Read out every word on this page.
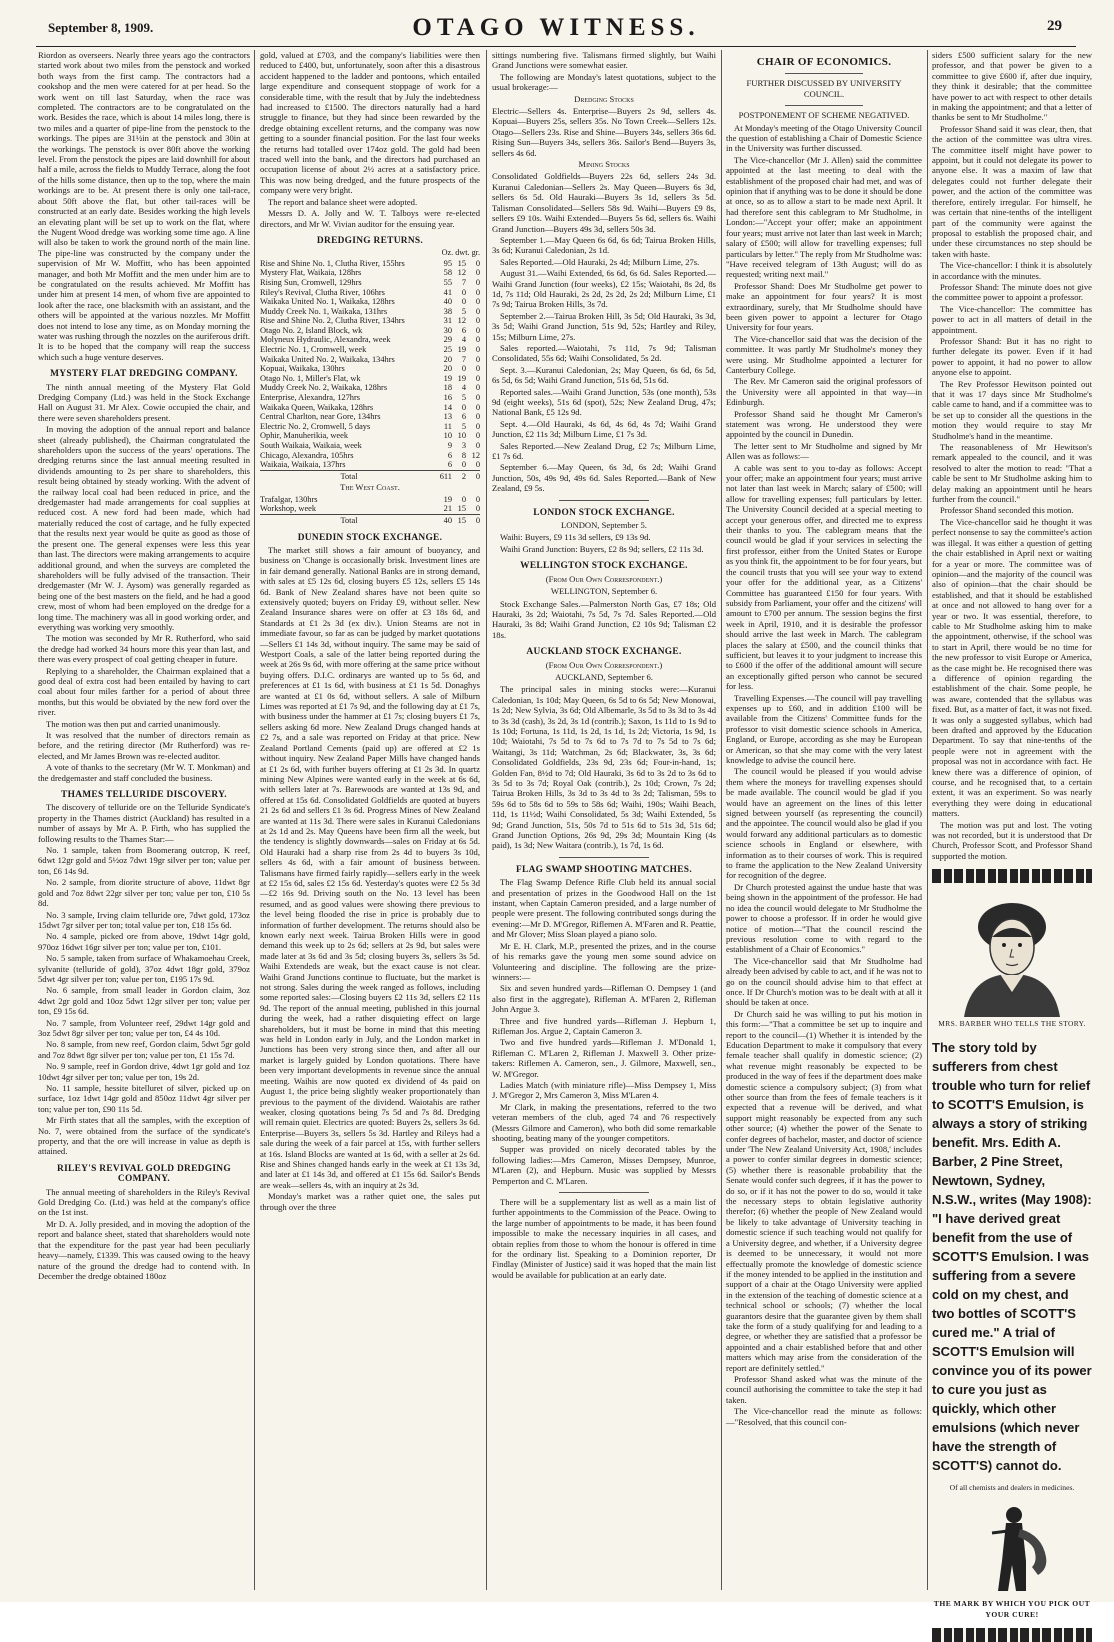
September 8, 1909.	OTAGO WITNESS.	29

Riordon as overseers. Nearly three years ago the contractors started work about two miles from the penstock and worked both ways from the first camp. The contractors had a cookshop and the men were catered for at per head. So the work went on till last Saturday, when the race was completed. The contractors are to be congratulated on the work. Besides the race, which is about 14 miles long, there is two miles and a quarter of pipe-line from the penstock to the workings. The pipes are 31½in at the penstock and 30in at the workings. The penstock is over 80ft above the working level. From the penstock the pipes are laid downhill for about half a mile, across the fields to Muddy Terrace, along the foot of the hills some distance, then up to the top, where the main workings are to be. At present there is only one tail-race, about 50ft above the flat, but other tail-races will be constructed at an early date. Besides working the high levels an elevating plant will be set up to work on the flat, where the Nugent Wood dredge was working some time ago. A line will also be taken to work the ground north of the main line. The pipe-line was constructed by the company under the supervision of Mr W. Moffitt, who has been appointed manager, and both Mr Moffitt and the men under him are to be congratulated on the results achieved. Mr Moffitt has under him at present 14 men, of whom five are appointed to look after the race, one blacksmith with an assistant, and the others will be appointed at the various nozzles. Mr Moffitt does not intend to lose any time, as on Monday morning the water was rushing through the nozzles on the auriferous drift. It is to be hoped that the company will reap the success which such a huge venture deserves.

MYSTERY FLAT DREDGING COMPANY.

The ninth annual meeting of the Mystery Flat Gold Dredging Company (Ltd.) was held in the Stock Exchange Hall on August 31. Mr Alex. Cowie occupied the chair, and there were seven shareholders present.

In moving the adoption of the annual report and balance sheet (already published), the Chairman congratulated the shareholders upon the success of the years' operations. The dredging returns since the last annual meeting resulted in dividends amounting to 2s per share to shareholders, this result being obtained by steady working. With the advent of the railway local coal had been reduced in price, and the dredgemaster had made arrangements for coal supplies at reduced cost. A new ford had been made, which had materially reduced the cost of cartage, and he fully expected that the results next year would be quite as good as those of the present one. The general expenses were less this year than last. The directors were making arrangements to acquire additional ground, and when the surveys are completed the shareholders will be fully advised of the transaction. Their dredgemaster (Mr W. J. Aysom) was generally regarded as being one of the best masters on the field, and he had a good crew, most of whom had been employed on the dredge for a long time. The machinery was all in good working order, and everything was working very smoothly.

The motion was seconded by Mr R. Rutherford, who said the dredge had worked 34 hours more this year than last, and there was every prospect of coal getting cheaper in future.

Replying to a shareholder, the Chairman explained that a good deal of extra cost had been entailed by having to cart coal about four miles farther for a period of about three months, but this would be obviated by the new ford over the river.

The motion was then put and carried unanimously.

It was resolved that the number of directors remain as before, and the retiring director (Mr Rutherford) was re-elected, and Mr James Brown was re-elected auditor.

A vote of thanks to the secretary (Mr W. T. Monkman) and the dredgemaster and staff concluded the business.

THAMES TELLURIDE DISCOVERY.

The discovery of telluride ore on the Telluride Syndicate's property in the Thames district (Auckland) has resulted in a number of assays by Mr A. P. Firth, who has supplied the following results to the Thames Star:—

No. 1 sample, taken from Boomerang outcrop, K reef, 6dwt 12gr gold and 5½oz 7dwt 19gr silver per ton; value per ton, £6 14s 9d.

No. 2 sample, from diorite structure of above, 11dwt 8gr gold and 7oz 8dwt 22gr silver per ton; value per ton, £10 5s 8d.

No. 3 sample, Irving claim telluride ore, 7dwt gold, 173oz 15dwt 7gr silver per ton; total value per ton, £18 15s 6d.

No. 4 sample, picked ore from above, 19dwt 14gr gold, 970oz 16dwt 16gr silver per ton; value per ton, £101.

No. 5 sample, taken from surface of Whakamoehau Creek, sylvanite (telluride of gold), 37oz 4dwt 18gr gold, 379oz 5dwt 4gr silver per ton; value per ton, £195 17s 9d.

No. 6 sample, from small leader in Gordon claim, 3oz 4dwt 2gr gold and 10oz 5dwt 12gr silver per ton; value per ton, £9 15s 6d.

No. 7 sample, from Volunteer reef, 29dwt 14gr gold and 3oz 5dwt 8gr silver per ton; value per ton, £4 4s 10d.

No. 8 sample, from new reef, Gordon claim, 5dwt 5gr gold and 7oz 8dwt 8gr silver per ton; value per ton, £1 15s 7d.

No. 9 sample, reef in Gordon drive, 4dwt 1gr gold and 1oz 10dwt 4gr silver per ton; value per ton, 19s 2d.

No. 11 sample, hessite bitelluret of silver, picked up on surface, 1oz 1dwt 14gr gold and 850oz 11dwt 4gr silver per ton; value per ton, £90 11s 5d.

Mr Firth states that all the samples, with the exception of No. 7, were obtained from the surface of the syndicate's property, and that the ore will increase in value as depth is attained.

RILEY'S REVIVAL GOLD DREDGING COMPANY.

The annual meeting of shareholders in the Riley's Revival Gold Dredging Co. (Ltd.) was held at the company's office on the 1st inst.

Mr D. A. Jolly presided, and in moving the adoption of the report and balance sheet, stated that shareholders would note that the expenditure for the past year had been peculiarly heavy—namely, £1339. This was caused owing to the heavy nature of the ground the dredge had to contend with. In December the dredge obtained 180oz

gold, valued at £703, and the company's liabilities were then reduced to £400, but, unfortunately, soon after this a disastrous accident happened to the ladder and pontoons, which entailed large expenditure and consequent stoppage of work for a considerable time, with the result that by July the indebtedness had increased to £1500. The directors naturally had a hard struggle to finance, but they had since been rewarded by the dredge obtaining excellent returns, and the company was now getting to a sounder financial position. For the last four weeks the returns had totalled over 174oz gold. The gold had been traced well into the bank, and the directors had purchased an occupation license of about 2½ acres at a satisfactory price. This was now being dredged, and the future prospects of the company were very bright.

The report and balance sheet were adopted.

Messrs D. A. Jolly and W. T. Talboys were re-elected directors, and Mr W. Vivian auditor for the ensuing year.

DREDGING RETURNS.
Oz. dwt. gr.
Rise and Shine No. 1, Clutha River, 155hrs	95	15	0
Mystery Flat, Waikaia, 128hrs	58	12	0
Rising Sun, Cromwell, 129hrs	55	7	0
Riley's Revival, Clutha River, 106hrs	41	0	0
Waikaka United No. 1, Waikaka, 128hrs	40	0	0
Muddy Creek No. 1, Waikaka, 131hrs	38	5	0
Rise and Shine No. 2, Clutha River, 134hrs	31	12	0
Otago No. 2, Island Block, wk	30	6	0
Molyneux Hydraulic, Alexandra, week	29	4	0
Electric No. 1, Cromwell, week	25	19	0
Waikaka United No. 2, Waikaka, 134hrs	20	7	0
Kopuai, Waikaka, 130hrs	20	0	0
Otago No. 1, Miller's Flat, wk	19	19	0
Muddy Creek No. 2, Waikaka, 128hrs	18	4	0
Enterprise, Alexandra, 127hrs	16	5	0
Waikaka Queen, Waikaka, 128hrs	14	0	0
Central Charlton, near Gore, 134hrs	13	6	0
Electric No. 2, Cromwell, 5 days	11	5	0
Ophir, Manuherikia, week	10	10	0
South Waikaia, Waikaia, week	9	3	0
Chicago, Alexandra, 105hrs	6	8	12
Waikaia, Waikaia, 137hrs	6	0	0
Total	611	2	0
The West Coast.
Trafalgar, 130hrs	19	0	0
Workshop, week	21	15	0
Total	40	15	0
DUNEDIN STOCK EXCHANGE.

The market still shows a fair amount of buoyancy, and business on 'Change is occasionally brisk. Investment lines are in fair demand generally. National Banks are in strong demand, with sales at £5 12s 6d, closing buyers £5 12s, sellers £5 14s 6d. Bank of New Zealand shares have not been quite so extensively quoted; buyers on Friday £9, without seller. New Zealand Insurance shares were on offer at £3 18s 6d, and Standards at £1 2s 3d (ex div.). Union Steams are not in immediate favour, so far as can be judged by market quotations—Sellers £1 14s 3d, without inquiry. The same may be said of Westport Coals, a sale of the latter being reported during the week at 26s 9s 6d, with more offering at the same price without buying offers. D.I.C. ordinarys are wanted up to 5s 6d, and preferences at £1 1s 6d, with business at £1 1s 5d. Donaghys are wanted at £1 0s 6d, without sellers. A sale of Milburn Limes was reported at £1 7s 9d, and the following day at £1 7s, with business under the hammer at £1 7s; closing buyers £1 7s, sellers asking 6d more. New Zealand Drugs changed hands at £2 7s, and a sale was reported on Friday at that price. New Zealand Portland Cements (paid up) are offered at £2 1s without inquiry. New Zealand Paper Mills have changed hands at £1 2s 6d, with further buyers offering at £1 2s 3d. In quartz mining New Alpines were wanted early in the week at 6s 6d, with sellers later at 7s. Barewoods are wanted at 13s 9d, and offered at 15s 6d. Consolidated Goldfields are quoted at buyers 21 2s 6d and sellers £1 3s 6d. Progress Mines of New Zealand are wanted at 11s 3d. There were sales in Kuranui Caledonians at 2s 1d and 2s. May Queens have been firm all the week, but the tendency is slightly downwards—sales on Friday at 6s 5d. Old Hauraki had a sharp rise from 2s 4d to buyers 3s 10d, sellers 4s 6d, with a fair amount of business between. Talismans have firmed fairly rapidly—sellers early in the week at £2 15s 6d, sales £2 15s 6d. Yesterday's quotes were £2 5s 3d—£2 16s 9d. Driving south on the No. 13 level has been resumed, and as good values were showing there previous to the level being flooded the rise in price is probably due to information of further development. The returns should also be known early next week. Tairua Broken Hills were in good demand this week up to 2s 6d; sellers at 2s 9d, but sales were made later at 3s 6d and 3s 5d; closing buyers 3s, sellers 3s 5d. Waihi Extendeds are weak, but the exact cause is not clear. Waihi Grand Junctions continue to fluctuate, but the market is not strong. Sales during the week ranged as follows, including some reported sales:—Closing buyers £2 11s 3d, sellers £2 11s 9d. The report of the annual meeting, published in this journal during the week, had a rather disquieting effect on large shareholders, but it must be borne in mind that this meeting was held in London early in July, and the London market in Junctions has been very strong since then, and after all our market is largely guided by London quotations. There have been very important developments in revenue since the annual meeting. Waihis are now quoted ex dividend of 4s paid on August 1, the price being slightly weaker proportionately than previous to the payment of the dividend. Waiotahis are rather weaker, closing quotations being 7s 5d and 7s 8d. Dredging will remain quiet. Electrics are quoted: Buyers 2s, sellers 3s 6d. Enterprise—Buyers 3s, sellers 5s 3d. Hartley and Rileys had a sale during the week of a fair parcel at 15s, with further sellers at 16s. Island Blocks are wanted at 1s 6d, with a seller at 2s 6d. Rise and Shines changed hands early in the week at £1 13s 3d, and later at £1 14s 3d, and offered at £1 15s 6d. Sailor's Bends are weak—sellers 4s, with an inquiry at 2s 3d.

Monday's market was a rather quiet one, the sales put through over the three

sittings numbering five. Talismans firmed slightly, but Waihi Grand Junctions were somewhat easier.

The following are Monday's latest quotations, subject to the usual brokerage:—

Dredging Stocks

Electric—Sellers 4s. Enterprise—Buyers 2s 9d, sellers 4s. Kopuai—Buyers 25s, sellers 35s. No Town Creek—Sellers 12s. Otago—Sellers 23s. Rise and Shine—Buyers 34s, sellers 36s 6d. Rising Sun—Buyers 34s, sellers 36s. Sailor's Bend—Buyers 3s, sellers 4s 6d.

Mining Stocks

Consolidated Goldfields—Buyers 22s 6d, sellers 24s 3d. Kuranui Caledonian—Sellers 2s. May Queen—Buyers 6s 3d, sellers 6s 5d. Old Hauraki—Buyers 3s 1d, sellers 3s 5d. Talisman Consolidated—Sellers 58s 9d. Waihi—Buyers £9 8s, sellers £9 10s. Waihi Extended—Buyers 5s 6d, sellers 6s. Waihi Grand Junction—Buyers 49s 3d, sellers 50s 3d.

September 1.—May Queen 6s 6d, 6s 6d; Tairua Broken Hills, 3s 6d; Kuranui Caledonian, 2s 1d.

Sales Reported.—Old Hauraki, 2s 4d; Milburn Lime, 27s.

August 31.—Waihi Extended, 6s 6d, 6s 6d. Sales Reported.—Waihi Grand Junction (four weeks), £2 15s; Waiotahi, 8s 2d, 8s 1d, 7s 11d; Old Hauraki, 2s 2d, 2s 2d, 2s 2d; Milburn Lime, £1 7s 9d; Tairua Broken Hills, 3s 7d.

September 2.—Tairua Broken Hill, 3s 5d; Old Hauraki, 3s 3d, 3s 5d; Waihi Grand Junction, 51s 9d, 52s; Hartley and Riley, 15s; Milburn Lime, 27s.

Sales reported.—Waiotahi, 7s 11d, 7s 9d; Talisman Consolidated, 55s 6d; Waihi Consolidated, 5s 2d.

Sept. 3.—Kuranui Caledonian, 2s; May Queen, 6s 6d, 6s 5d, 6s 5d, 6s 5d; Waihi Grand Junction, 51s 6d, 51s 6d.

Reported sales.—Waihi Grand Junction, 53s (one month), 53s 9d (eight weeks), 51s 6d (spot), 52s; New Zealand Drug, 47s; National Bank, £5 12s 9d.

Sept. 4.—Old Hauraki, 4s 6d, 4s 6d, 4s 7d; Waihi Grand Junction, £2 11s 3d; Milburn Lime, £1 7s 3d.

Sales Reported.—New Zealand Drug, £2 7s; Milburn Lime, £1 7s 6d.

September 6.—May Queen, 6s 3d, 6s 2d; Waihi Grand Junction, 50s, 49s 9d, 49s 6d. Sales Reported.—Bank of New Zealand, £9 5s.

LONDON STOCK EXCHANGE.
LONDON, September 5.

Waihi: Buyers, £9 11s 3d sellers, £9 13s 9d.

Waihi Grand Junction: Buyers, £2 8s 9d; sellers, £2 11s 3d.

WELLINGTON STOCK EXCHANGE.
(From Our Own Correspondent.)
WELLINGTON, September 6.

Stock Exchange Sales.—Palmerston North Gas, £7 18s; Old Hauraki, 3s 2d; Waiotahi, 7s 5d, 7s 7d. Sales Reported.—Old Hauraki, 3s 8d; Waihi Grand Junction, £2 10s 9d; Talisman £2 18s.

AUCKLAND STOCK EXCHANGE.
(From Our Own Correspondent.)
AUCKLAND, September 6.

The principal sales in mining stocks were:—Kuranui Caledonian, 1s 10d; May Queen, 6s 5d to 6s 5d; New Monowai, 1s 2d; New Sylvia, 3s 6d; Old Albemarle, 3s 5d to 3s 3d to 3s 4d to 3s 3d (cash), 3s 2d, 3s 1d (contrib.); Saxon, 1s 11d to 1s 9d to 1s 10d; Fortuna, 1s 11d, 1s 2d, 1s 1d, 1s 2d; Victoria, 1s 9d, 1s 10d; Waiotahi, 7s 5d to 7s 6d to 7s 7d to 7s 5d to 7s 6d; Waitangi, 3s 11d; Watchman, 2s 6d; Blackwater, 3s, 3s 6d; Consolidated Goldfields, 23s 9d, 23s 6d; Four-in-hand, 1s; Golden Fan, 8½d to 7d; Old Hauraki, 3s 6d to 3s 2d to 3s 6d to 3s 5d to 3s 7d; Royal Oak (contrib.), 2s 10d; Crown, 7s 2d; Tairua Broken Hills, 3s 3d to 3s 4d to 3s 2d; Talisman, 59s to 59s 6d to 58s 6d to 59s to 58s 6d; Waihi, 190s; Waihi Beach, 11d, 1s 11½d; Waihi Consolidated, 5s 3d; Waihi Extended, 5s 9d; Grand Junction, 51s, 50s 7d to 51s 6d to 51s 3d, 51s 6d; Grand Junction Options, 26s 9d, 29s 3d; Mountain King (4s paid), 1s 3d; New Waitara (contrib.), 1s 7d, 1s 6d.

FLAG SWAMP SHOOTING MATCHES.

The Flag Swamp Defence Rifle Club held its annual social and presentation of prizes in the Goodwood Hall on the 1st instant, when Captain Cameron presided, and a large number of people were present. The following contributed songs during the evening:—Mr D. M'Gregor, Riflemen A. M'Faren and R. Peattie, and Mr Glover; Miss Sloan played a piano solo.

Mr E. H. Clark, M.P., presented the prizes, and in the course of his remarks gave the young men some sound advice on Volunteering and discipline. The following are the prize-winners:—

Six and seven hundred yards—Rifleman O. Dempsey 1 (and also first in the aggregate), Rifleman A. M'Faren 2, Rifleman John Argue 3.

Three and five hundred yards—Rifleman J. Hepburn 1, Rifleman Jos. Argue 2, Captain Cameron 3.

Two and five hundred yards—Rifleman J. M'Donald 1, Rifleman C. M'Laren 2, Rifleman J. Maxwell 3. Other prize-takers: Riflemen A. Cameron, sen., J. Gilmore, Maxwell, sen., W. M'Gregor.

Ladies Match (with miniature rifle)—Miss Dempsey 1, Miss J. M'Gregor 2, Mrs Cameron 3, Miss M'Laren 4.

Mr Clark, in making the presentations, referred to the two veteran members of the club, aged 74 and 76 respectively (Messrs Gilmore and Cameron), who both did some remarkable shooting, beating many of the younger competitors.

Supper was provided on nicely decorated tables by the following ladies:—Mrs Cameron, Misses Dempsey, Munroe, M'Laren (2), and Hepburn. Music was supplied by Messrs Pemperton and C. M'Laren.

There will be a supplementary list as well as a main list of further appointments to the Commission of the Peace. Owing to the large number of appointments to be made, it has been found impossible to make the necessary inquiries in all cases, and obtain replies from those to whom the honour is offered in time for the ordinary list. Speaking to a Dominion reporter, Dr Findlay (Minister of Justice) said it was hoped that the main list would be available for publication at an early date.

CHAIR OF ECONOMICS.
FURTHER DISCUSSED BY UNIVERSITY COUNCIL.
POSTPONEMENT OF SCHEME NEGATIVED.

At Monday's meeting of the Otago University Council the question of establishing a Chair of Domestic Science in the University was further discussed.

The Vice-chancellor (Mr J. Allen) said the committee appointed at the last meeting to deal with the establishment of the proposed chair had met, and was of opinion that if anything was to be done it should be done at once, so as to allow a start to be made next April. It had therefore sent this cablegram to Mr Studholme, in London:—"Accept your offer; make an appointment four years; must arrive not later than last week in March; salary of £500; will allow for travelling expenses; full particulars by letter." The reply from Mr Studholme was: "Have received telegram of 13th August; will do as requested; writing next mail."

Professor Shand: Does Mr Studholme get power to make an appointment for four years? It is most extraordinary, surely, that Mr Studholme should have been given power to appoint a lecturer for Otago University for four years.

The Vice-chancellor said that was the decision of the committee. It was partly Mr Studholme's money they were using. Mr Studholme appointed a lecturer for Canterbury College.

The Rev. Mr Cameron said the original professors of the University were all appointed in that way—in Edinburgh.

Professor Shand said he thought Mr Cameron's statement was wrong. He understood they were appointed by the council in Dunedin.

The letter sent to Mr Studholme and signed by Mr Allen was as follows:—

A cable was sent to you to-day as follows: Accept your offer; make an appointment four years; must arrive not later than last week in March; salary of £500; will allow for travelling expenses; full particulars by letter. The University Council decided at a special meeting to accept your generous offer, and directed me to express their thanks to you. The cablegram means that the council would be glad if your services in selecting the first professor, either from the United States or Europe as you think fit, the appointment to be for four years, but the council trusts that you will see your way to extend your offer for the additional year, as a Citizens' Committee has guaranteed £150 for four years. With subsidy from Parliament, your offer and the citizens' will amount to £700 per annum. The session begins the first week in April, 1910, and it is desirable the professor should arrive the last week in March. The cablegram places the salary at £500, and the council thinks that sufficient, but leaves it to your judgment to increase this to £600 if the offer of the additional amount will secure an exceptionally gifted person who cannot be secured for less.

Travelling Expenses.—The council will pay travelling expenses up to £60, and in addition £100 will be available from the Citizens' Committee funds for the professor to visit domestic science schools in America, England, or Europe, according as she may be European or American, so that she may come with the very latest knowledge to advise the council here.

The council would be pleased if you would advise them where the moneys for travelling expenses should be made available. The council would be glad if you would have an agreement on the lines of this letter signed between yourself (as representing the council) and the appointee. The council would also be glad if you would forward any additional particulars as to domestic science schools in England or elsewhere, with information as to their courses of work. This is required to frame the application to the New Zealand University for recognition of the degree.

Dr Church protested against the undue haste that was being shown in the appointment of the professor. He had no idea the council would delegate to Mr Studholme the power to choose a professor. If in order he would give notice of motion—"That the council rescind the previous resolution come to with regard to the establishment of a Chair of Economics."

The Vice-chancellor said that Mr Studholme had already been advised by cable to act, and if he was not to go on the council should advise him to that effect at once. If Dr Church's motion was to be dealt with at all it should be taken at once.

Dr Church said he was willing to put his motion in this form:—"That a committee be set up to inquire and report to the council—(1) Whether it is intended by the Education Department to make it compulsory that every female teacher shall qualify in domestic science; (2) what revenue might reasonably be expected to be produced in the way of fees if the department does make domestic science a compulsory subject; (3) from what other source than from the fees of female teachers is it expected that a revenue will be derived, and what support might reasonably be expected from any such other source; (4) whether the power of the Senate to confer degrees of bachelor, master, and doctor of science under 'The New Zealand University Act, 1908,' includes a power to confer similar degrees in domestic science; (5) whether there is reasonable probability that the Senate would confer such degrees, if it has the power to do so, or if it has not the power to do so, would it take the necessary steps to obtain legislative authority therefor; (6) whether the people of New Zealand would be likely to take advantage of University teaching in domestic science if such teaching would not qualify for a University degree, and whether, if a University degree is deemed to be unnecessary, it would not more effectually promote the knowledge of domestic science if the money intended to be applied in the institution and support of a chair at the Otago University were applied in the extension of the teaching of domestic science at a technical school or schools; (7) whether the local guarantors desire that the guarantee given by them shall take the form of a study qualifying for and leading to a degree, or whether they are satisfied that a professor be appointed and a chair established before that and other matters which may arise from the consideration of the report are definitely settled."

Professor Shand asked what was the minute of the council authorising the committee to take the step it had taken.

The Vice-chancellor read the minute as follows:—"Resolved, that this council con-

siders £500 sufficient salary for the new professor, and that power be given to a committee to give £600 if, after due inquiry, they think it desirable; that the committee have power to act with respect to other details in making the appointment; and that a letter of thanks be sent to Mr Studholme."

Professor Shand said it was clear, then, that the action of the committee was ultra vires. The committee itself might have power to appoint, but it could not delegate its power to anyone else. It was a maxim of law that delegates could not further delegate their power, and the action of the committee was therefore, entirely irregular. For himself, he was certain that nine-tenths of the intelligent part of the community were against the proposal to establish the proposed chair, and under these circumstances no step should be taken with haste.

The Vice-chancellor: I think it is absolutely in accordance with the minutes.

Professor Shand: The minute does not give the committee power to appoint a professor.

The Vice-chancellor: The committee has power to act in all matters of detail in the appointment.

Professor Shand: But it has no right to further delegate its power. Even if it had power to appoint, it had no power to allow anyone else to appoint.

The Rev Professor Hewitson pointed out that it was 17 days since Mr Studholme's cable came to hand, and if a committee was to be set up to consider all the questions in the motion they would require to stay Mr Studholme's hand in the meantime.

The reasonableness of Mr Hewitson's remark appealed to the council, and it was resolved to alter the motion to read: "That a cable be sent to Mr Studholme asking him to delay making an appointment until he hears further from the council."

Professor Shand seconded this motion.

The Vice-chancellor said he thought it was perfect nonsense to say the committee's action was illegal. It was either a question of getting the chair established in April next or waiting for a year or more. The committee was of opinion—and the majority of the council was also of opinion—that the chair should be established, and that it should be established at once and not allowed to hang over for a year or two. It was essential, therefore, to cable to Mr Studholme asking him to make the appointment, otherwise, if the school was to start in April, there would be no time for the new professor to visit Europe or America, as the case might be. He recognised there was a difference of opinion regarding the establishment of the chair. Some people, he was aware, contended that the syllabus was fixed. But, as a matter of fact, it was not fixed. It was only a suggested syllabus, which had been drafted and approved by the Education Department. To say that nine-tenths of the people were not in agreement with the proposal was not in accordance with fact. He knew there was a difference of opinion, of course, and he recognised that, to a certain extent, it was an experiment. So was nearly everything they were doing in educational matters.

The motion was put and lost. The voting was not recorded, but it is understood that Dr Church, Professor Scott, and Professor Shand supported the motion.

MRS. BARBER WHO TELLS THE STORY.
The story told by sufferers from chest trouble who turn for relief to SCOTT'S Emulsion, is always a story of striking benefit. Mrs. Edith A. Barber, 2 Pine Street, Newtown, Sydney, N.S.W., writes (May 1908): "I have derived great benefit from the use of SCOTT'S Emulsion. I was suffering from a severe cold on my chest, and two bottles of SCOTT'S cured me." A trial of SCOTT'S Emulsion will convince you of its power to cure you just as quickly, which other emulsions (which never have the strength of SCOTT'S) cannot do.
Of all chemists and dealers in medicines.
THE MARK BY WHICH YOU PICK OUT YOUR CURE!
